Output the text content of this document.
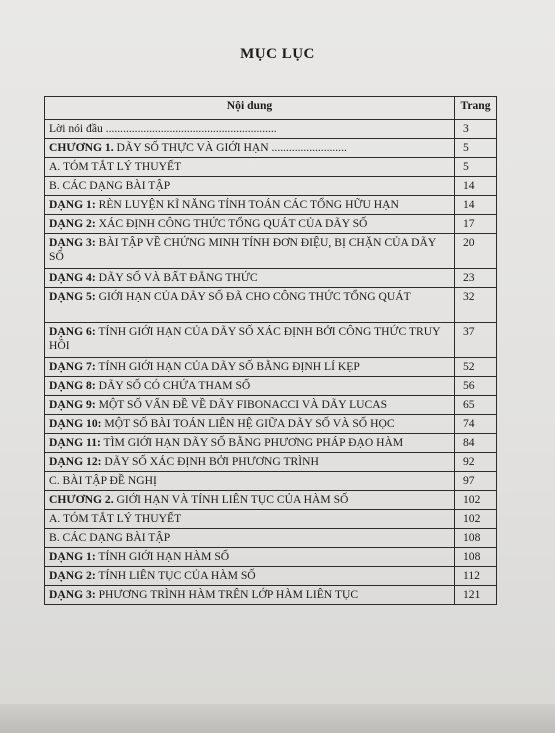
MỤC LỤC
Nội dung	Trang
Lời nói đầu ...........................................................	3
CHƯƠNG 1. DÃY SỐ THỰC VÀ GIỚI HẠN ..........................	5
A. TÓM TẮT LÝ THUYẾT	5
B. CÁC DẠNG BÀI TẬP	14
DẠNG 1: RÈN LUYỆN KĨ NĂNG TÍNH TOÁN CÁC TỔNG HỮU HẠN	14
DẠNG 2: XÁC ĐỊNH CÔNG THỨC TỔNG QUÁT CỦA DÃY SỐ	17
DẠNG 3: BÀI TẬP VỀ CHỨNG MINH TÍNH ĐƠN ĐIỆU, BỊ CHẶN CỦA DÃY SỐ	20
DẠNG 4: DÃY SỐ VÀ BẤT ĐẲNG THỨC	23
DẠNG 5: GIỚI HẠN CỦA DÃY SỐ ĐÃ CHO CÔNG THỨC TỔNG QUÁT	32
DẠNG 6: TÍNH GIỚI HẠN CỦA DÃY SỐ XÁC ĐỊNH BỞI CÔNG THỨC TRUY HỒI	37
DẠNG 7: TÍNH GIỚI HẠN CỦA DÃY SỐ BẰNG ĐỊNH LÍ KẸP	52
DẠNG 8: DÃY SỐ CÓ CHỨA THAM SỐ	56
DẠNG 9: MỘT SỐ VẤN ĐỀ VỀ DÃY FIBONACCI VÀ DÃY LUCAS	65
DẠNG 10: MỘT SỐ BÀI TOÁN LIÊN HỆ GIỮA DÃY SỐ VÀ SỐ HỌC	74
DẠNG 11: TÌM GIỚI HẠN DÃY SỐ BẰNG PHƯƠNG PHÁP ĐẠO HÀM	84
DẠNG 12: DÃY SỐ XÁC ĐỊNH BỞI PHƯƠNG TRÌNH	92
C. BÀI TẬP ĐỀ NGHỊ	97
CHƯƠNG 2. GIỚI HẠN VÀ TÍNH LIÊN TỤC CỦA HÀM SỐ	102
A. TÓM TẮT LÝ THUYẾT	102
B. CÁC DẠNG BÀI TẬP	108
DẠNG 1: TÍNH GIỚI HẠN HÀM SỐ	108
DẠNG 2: TÍNH LIÊN TỤC CỦA HÀM SỐ	112
DẠNG 3: PHƯƠNG TRÌNH HÀM TRÊN LỚP HÀM LIÊN TỤC	121
